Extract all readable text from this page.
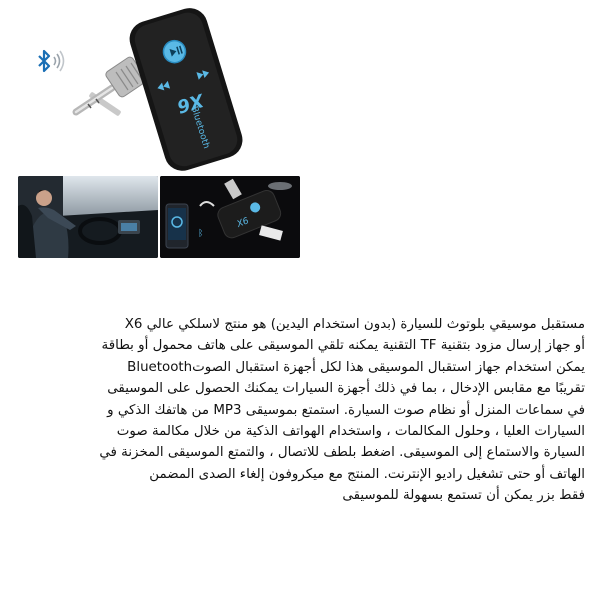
X6
Bluetooth
ᛒ
X6

مستقبل موسيقي بلوتوث للسيارة (بدون استخدام اليدين) هو منتج لاسلكي عالي X6

أو جهاز إرسال مزود بتقنية TF التقنية يمكنه تلقي الموسيقى على هاتف محمول أو بطاقة

يمكن استخدام جهاز استقبال الموسيقى هذا لكل أجهزة استقبال الصوتBluetooth

تقريبًا مع مقابس الإدخال ، بما في ذلك أجهزة السيارات يمكنك الحصول على الموسيقى

في سماعات المنزل أو نظام صوت السيارة. استمتع بموسيقى MP3 من هاتفك الذكي و

السيارات العليا ، وحلول المكالمات ، واستخدام الهواتف الذكية من خلال مكالمة صوت

السيارة والاستماع إلى الموسيقى. اضغط بلطف للاتصال ، والتمتع الموسيقى المخزنة في

الهاتف أو حتى تشغيل راديو الإنترنت. المنتج مع ميكروفون إلغاء الصدى المضمن

فقط بزر يمكن أن تستمع بسهولة للموسيقى
